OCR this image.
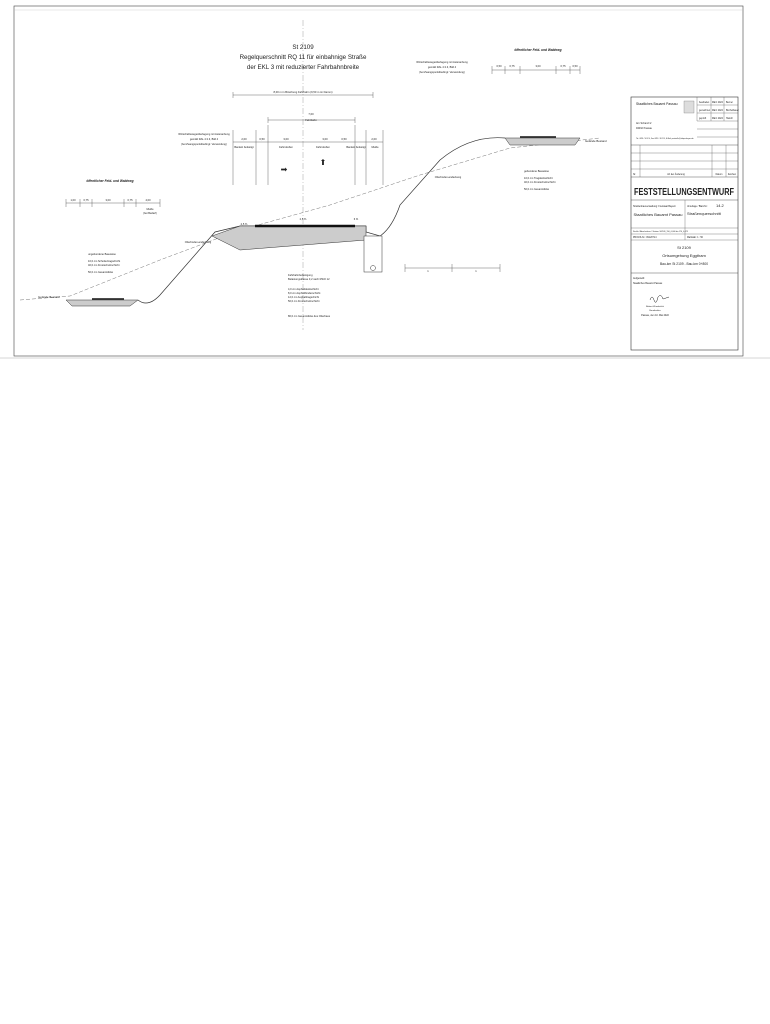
St 2109
Regelquerschnitt RQ 11 für einbahnige Straße
der EKL 3 mit reduzierter Fahrbahnbreite
8,00 m in Böschung Fahrbahn (9,50 m im Damm)
7,00
Fahrbahn
2,00	0,50	3,00	3,00	0,50	2,00
Bankett befestigt	Fahrstreifen	Fahrstreifen	Bankett befestigt Mulde
➡
⬆
Wirtschaftswegeüberlagung mit Asteranbung
gemäß RAL 4.3.3, Bild 4
(bei Zwangspunktbedingt: Verwendung)
Wirtschaftswegeüberlagung mit Asteranbung
gemäß RAL 4.3.3, Bild 4
(bei Zwangspunktbedingt: Verwendung)
öffentlicher Feld- und Waldweg
0,50	0,75	3,00	0,75	0,50
öffentlicher Feld- und Waldweg
1,00	0,75	3,00	0,75	4,00
Mulde
(bei Bedarf)
Gelände Bestand
Gelände Bestand
ungebundene Bauweise
10,0 cm Schottertragschicht
40,0 cm Frostschutzschicht
50,0 cm Gesamtdicke
gebundene Bauweise
10,0 cm Tragdeckschicht
40,0 cm Frostschutzschicht
50,0 cm Gesamtdicke
Fahrbahnbefestigung
Belastungsklasse 3,2 nach RStO 12
4,0 cm Asphaltdeckschicht
8,0 cm Asphaltbinderschicht
12,0 cm Asphalttragschicht
50,0 cm Frostschutzschicht
80,0 cm Gesamtdicke des Oberbaus
Oberboden-andeckung
Oberboden-andeckung
2,5 %
2,5 %
6 %
1	1
Staatliches Bauamt Passau
Am Schanzl 2
94032 Passau
Tel.: 0851 / 5017-0, Fax: 0851 / 5017-5, E-Mail: poststelle@stbapa.bayern.de
bearbeitet März 2022	Berner
gezeichnet März 2022	Büchelbauer
geprüft	März 2022	Haindl
Nr.	Art der Änderung	Datum Zeichen
FESTSTELLUNGSENTWURF
Straßenbauverwaltung: Freistaat Bayern
Staatliches Bauamt Passau
Straße / Abschnittsnr. / Station: St2109_150_0,000 bis 170_0,475
PROJIS-Nr.: 09120714
Unterlage / Blatt-Nr.: 14.2
Straßenquerschnitt
Maßstab: 1 : 50
St 2109
Ortsumgehung Eggtham
Bau-km St 2109 - Bau-km 0+800
Aufgestellt:
Staatliches Bauamt Passau
Robert Wunderlich
Baudirektor
Passau, den 10. Mai 2022
